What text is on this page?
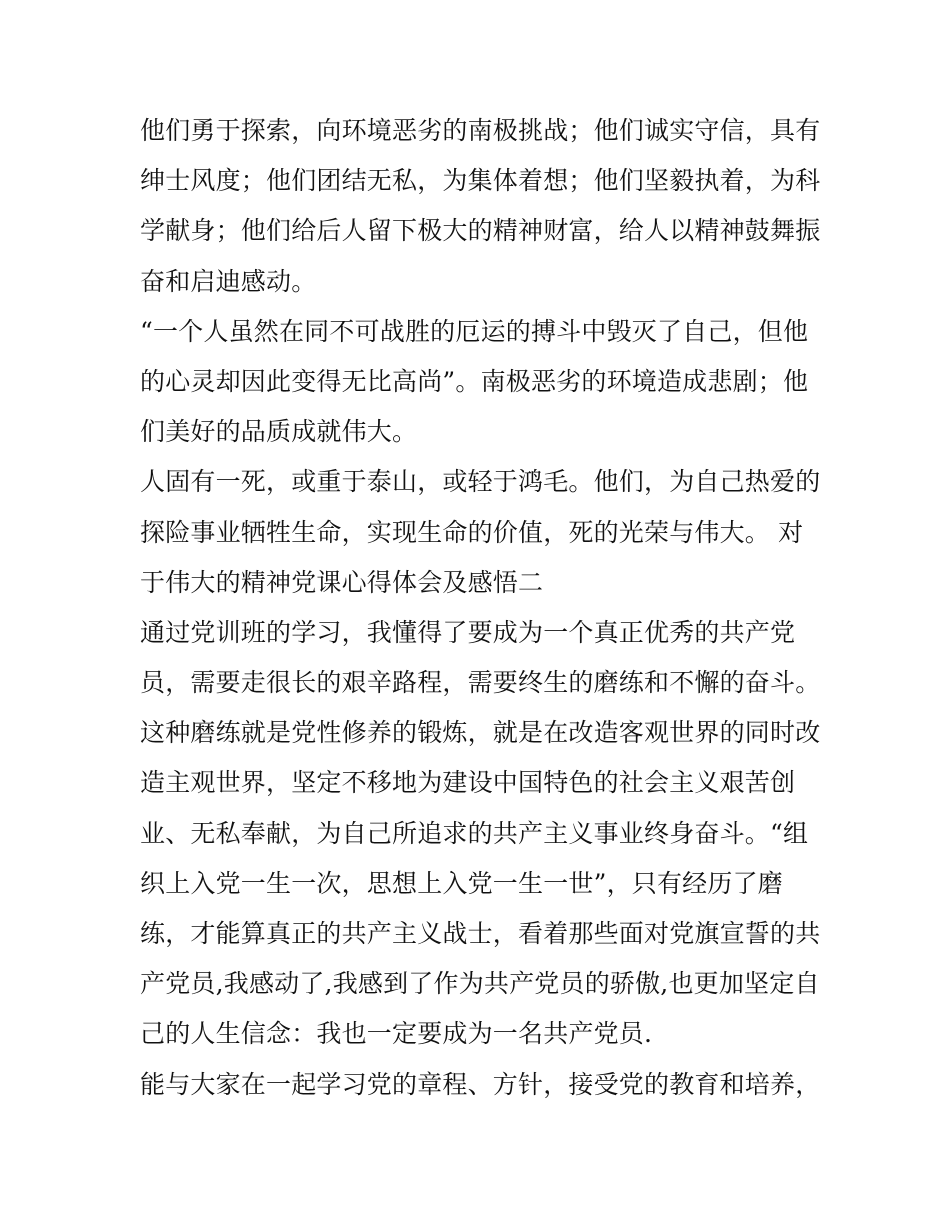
他们勇于探索，向环境恶劣的南极挑战；他们诚实守信，具有
绅士风度；他们团结无私，为集体着想；他们坚毅执着，为科
学献身；他们给后人留下极大的精神财富，给人以精神鼓舞振
奋和启迪感动。
“一个人虽然在同不可战胜的厄运的搏斗中毁灭了自己，但他
的心灵却因此变得无比高尚”。南极恶劣的环境造成悲剧；他
们美好的品质成就伟大。
人固有一死，或重于泰山，或轻于鸿毛。他们，为自己热爱的
探险事业牺牲生命，实现生命的价值，死的光荣与伟大。 对
于伟大的精神党课心得体会及感悟二
通过党训班的学习，我懂得了要成为一个真正优秀的共产党
员，需要走很长的艰辛路程，需要终生的磨练和不懈的奋斗。
这种磨练就是党性修养的锻炼，就是在改造客观世界的同时改
造主观世界，坚定不移地为建设中国特色的社会主义艰苦创
业、无私奉献，为自己所追求的共产主义事业终身奋斗。“组
织上入党一生一次，思想上入党一生一世”，只有经历了磨
练，才能算真正的共产主义战士，看着那些面对党旗宣誓的共
产党员,我感动了,我感到了作为共产党员的骄傲,也更加坚定自
己的人生信念：我也一定要成为一名共产党员.
能与大家在一起学习党的章程、方针，接受党的教育和培养，
